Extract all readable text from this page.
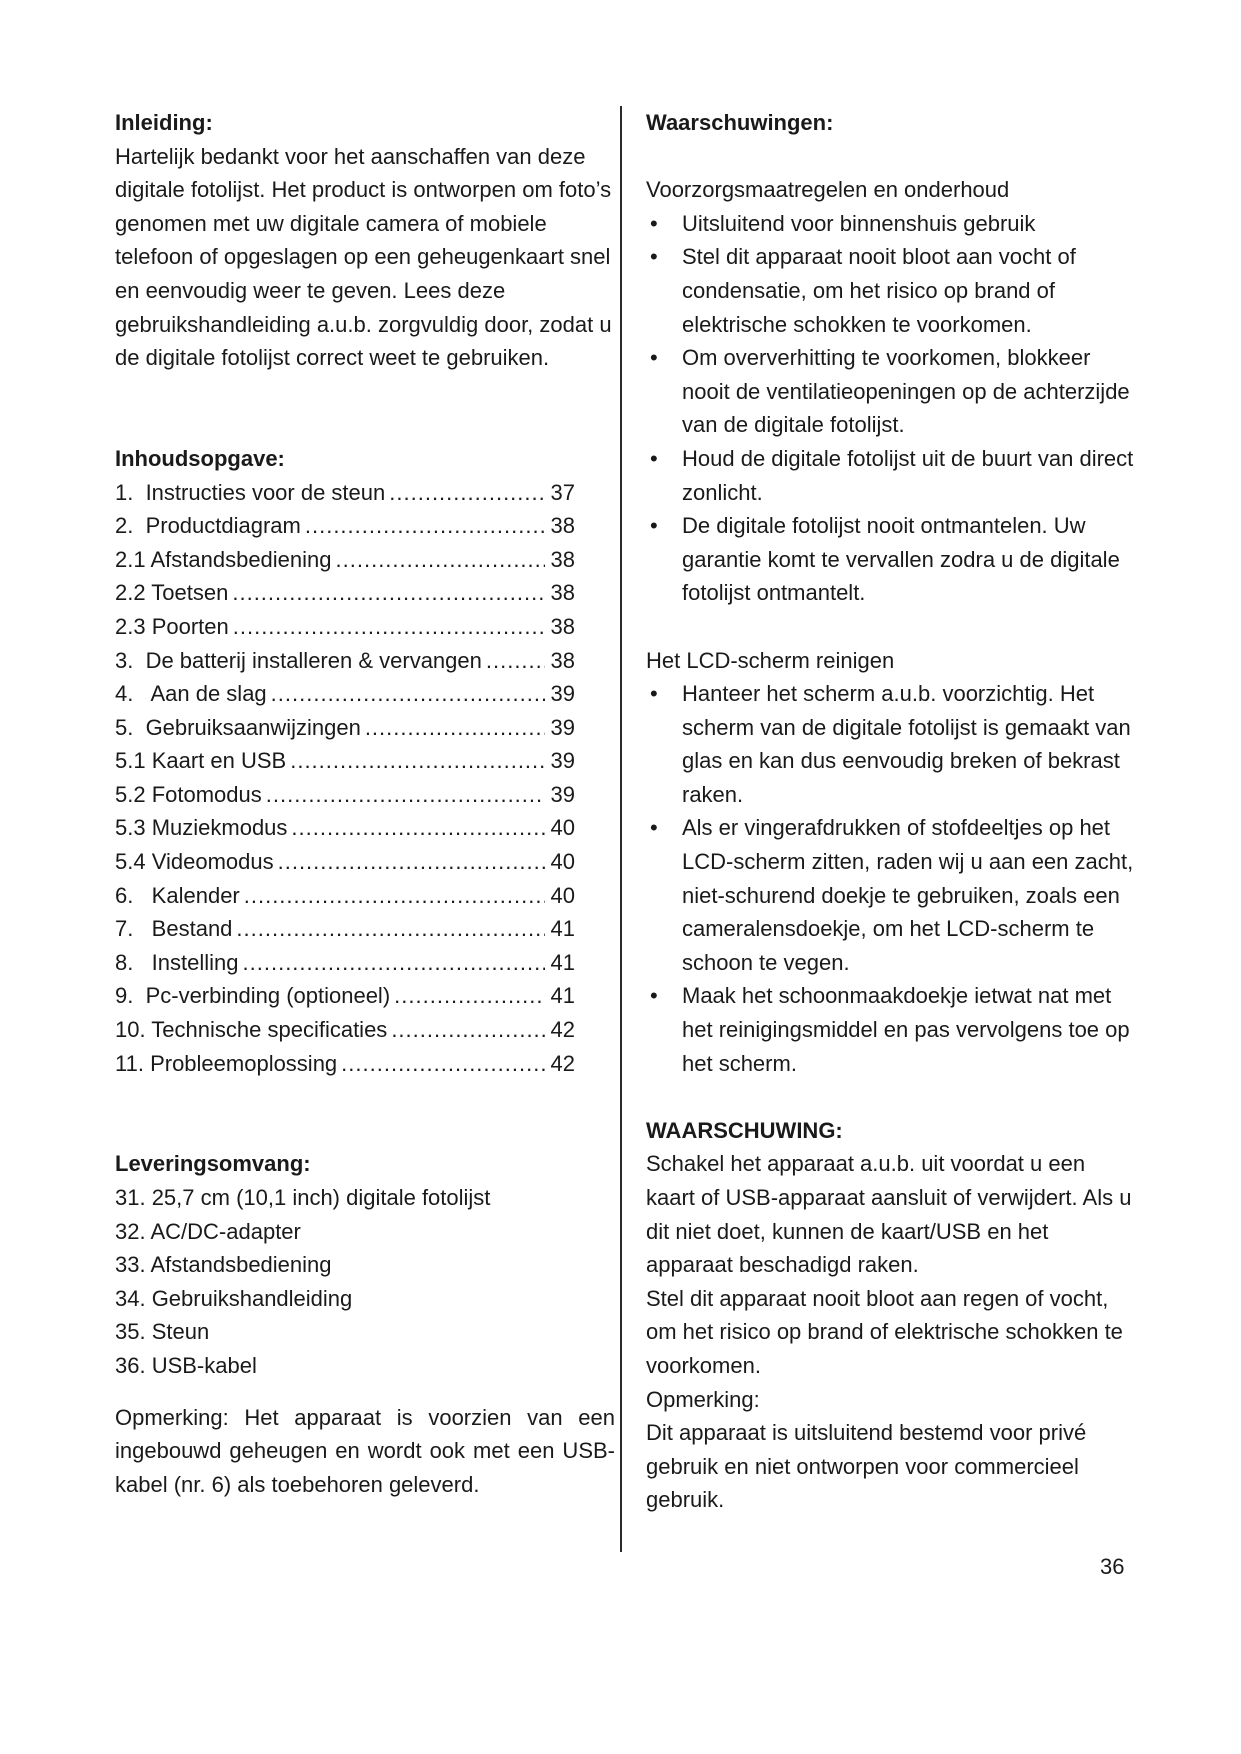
Inleiding:

Hartelijk bedankt voor het aanschaffen van deze digitale fotolijst. Het product is ontworpen om foto’s genomen met uw digitale camera of mobiele telefoon of opgeslagen op een geheugenkaart snel en eenvoudig weer te geven. Lees deze gebruikshandleiding a.u.b. zorgvuldig door, zodat u de digitale fotolijst correct weet te gebruiken.

Inhoudsopgave:
1.  Instructies voor de steun .....	37
2.  Productdiagram .....	38
2.1 Afstandsbediening .....	38
2.2 Toetsen .....	38
2.3 Poorten .....	38
3.  De batterij installeren & vervangen .....	38
4.   Aan de slag .....	39
5.  Gebruiksaanwijzingen .....	39
5.1 Kaart en USB .....	39
5.2 Fotomodus .....	39
5.3 Muziekmodus .....	40
5.4 Videomodus .....	40
6.   Kalender .....	40
7.   Bestand .....	41
8.   Instelling .....	41
9.  Pc-verbinding (optioneel) .....	41
10. Technische specificaties .....	42
11. Probleemoplossing .....	42
Leveringsomvang:
31. 25,7 cm (10,1 inch) digitale fotolijst
32. AC/DC-adapter
33. Afstandsbediening
34. Gebruikshandleiding
35. Steun
36. USB-kabel

Opmerking: Het apparaat is voorzien van een ingebouwd geheugen en wordt ook met een USB-kabel (nr. 6) als toebehoren geleverd.

Waarschuwingen:
Voorzorgsmaatregelen en onderhoud
• Uitsluitend voor binnenshuis gebruik
• Stel dit apparaat nooit bloot aan vocht of condensatie, om het risico op brand of elektrische schokken te voorkomen.
• Om oververhitting te voorkomen, blokkeer nooit de ventilatieopeningen op de achterzijde van de digitale fotolijst.
• Houd de digitale fotolijst uit de buurt van direct zonlicht.
• De digitale fotolijst nooit ontmantelen. Uw garantie komt te vervallen zodra u de digitale fotolijst ontmantelt.
Het LCD-scherm reinigen
• Hanteer het scherm a.u.b. voorzichtig. Het scherm van de digitale fotolijst is gemaakt van glas en kan dus eenvoudig breken of bekrast raken.
• Als er vingerafdrukken of stofdeeltjes op het LCD-scherm zitten, raden wij u aan een zacht, niet-schurend doekje te gebruiken, zoals een cameralensdoekje, om het LCD-scherm te schoon te vegen.
• Maak het schoonmaakdoekje ietwat nat met het reinigingsmiddel en pas vervolgens toe op het scherm.
WAARSCHUWING:

Schakel het apparaat a.u.b. uit voordat u een kaart of USB-apparaat aansluit of verwijdert. Als u dit niet doet, kunnen de kaart/USB en het apparaat beschadigd raken.

Stel dit apparaat nooit bloot aan regen of vocht, om het risico op brand of elektrische schokken te voorkomen.

Opmerking:

Dit apparaat is uitsluitend bestemd voor privé gebruik en niet ontworpen voor commercieel gebruik.

36
